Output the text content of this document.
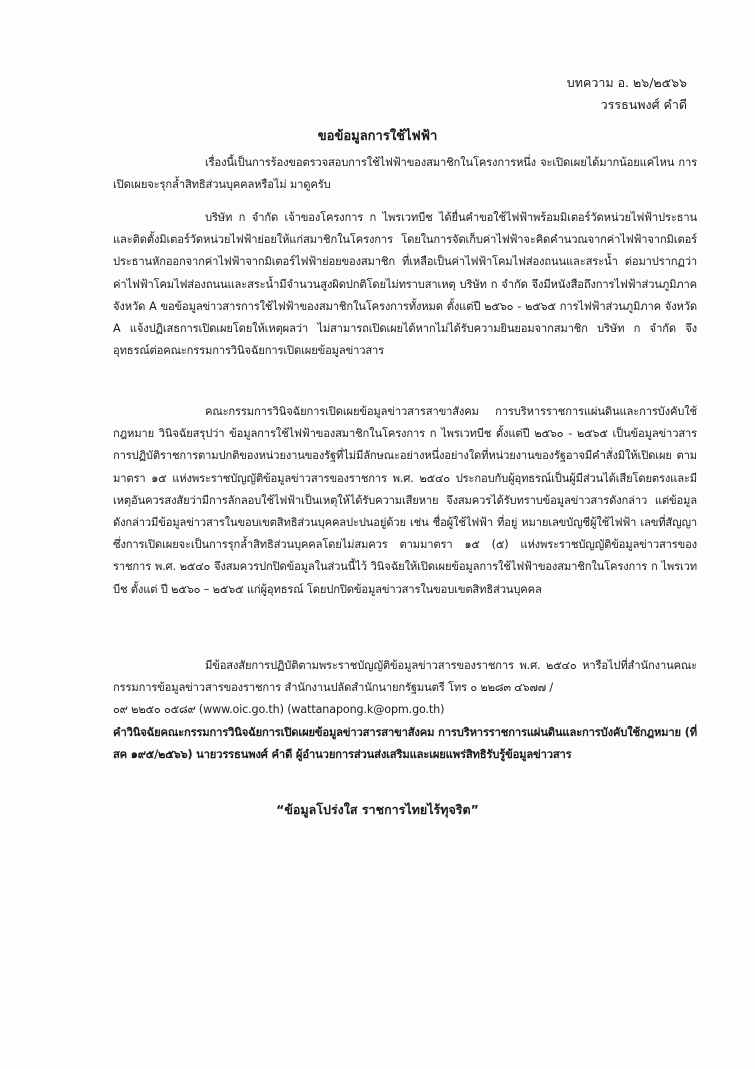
บทความ อ. ๒๖/๒๕๖๖
วรรธนพงศ์ คำดี
ขอข้อมูลการใช้ไฟฟ้า
เรื่องนี้เป็นการร้องขอตรวจสอบการใช้ไฟฟ้าของสมาชิกในโครงการหนึ่ง จะเปิดเผยได้มากน้อยแค่ไหน การเปิดเผยจะรุกล้ำสิทธิส่วนบุคคลหรือไม่ มาดูครับ
บริษัท ก จำกัด เจ้าของโครงการ ก ไพรเวทบีช ได้ยื่นคำขอใช้ไฟฟ้าพร้อมมิเตอร์วัดหน่วยไฟฟ้าประธานและติดตั้งมิเตอร์วัดหน่วยไฟฟ้าย่อยให้แก่สมาชิกในโครงการ โดยในการจัดเก็บค่าไฟฟ้าจะคิดคำนวณจากค่าไฟฟ้าจากมิเตอร์ประธานหักออกจากค่าไฟฟ้าจากมิเตอร์ไฟฟ้าย่อยของสมาชิก ที่เหลือเป็นค่าไฟฟ้าโคมไฟส่องถนนและสระน้ำ ต่อมาปรากฏว่า ค่าไฟฟ้าโคมไฟส่องถนนและสระน้ำมีจำนวนสูงผิดปกติโดยไม่ทราบสาเหตุ บริษัท ก จำกัด จึงมีหนังสือถึงการไฟฟ้าส่วนภูมิภาค จังหวัด A ขอข้อมูลข่าวสารการใช้ไฟฟ้าของสมาชิกในโครงการทั้งหมด ตั้งแต่ปี ๒๕๖๐ - ๒๕๖๕ การไฟฟ้าส่วนภูมิภาค จังหวัด A แจ้งปฏิเสธการเปิดเผยโดยให้เหตุผลว่า ไม่สามารถเปิดเผยได้หากไม่ได้รับความยินยอมจากสมาชิก บริษัท ก จำกัด จึงอุทธรณ์ต่อคณะกรรมการวินิจฉัยการเปิดเผยข้อมูลข่าวสาร
คณะกรรมการวินิจฉัยการเปิดเผยข้อมูลข่าวสารสาขาสังคม การบริหารราชการแผ่นดินและการบังคับใช้กฎหมาย วินิจฉัยสรุปว่า ข้อมูลการใช้ไฟฟ้าของสมาชิกในโครงการ ก ไพรเวทบีช ตั้งแต่ปี ๒๕๖๐ - ๒๕๖๕ เป็นข้อมูลข่าวสารการปฏิบัติราชการตามปกติของหน่วยงานของรัฐที่ไม่มีลักษณะอย่างหนึ่งอย่างใดที่หน่วยงานของรัฐอาจมีคำสั่งมิให้เปิดเผย ตามมาตรา ๑๕ แห่งพระราชบัญญัติข้อมูลข่าวสารของราชการ พ.ศ. ๒๕๔๐ ประกอบกับผู้อุทธรณ์เป็นผู้มีส่วนได้เสียโดยตรงและมีเหตุอันควรสงสัยว่ามีการลักลอบใช้ไฟฟ้าเป็นเหตุให้ได้รับความเสียหาย จึงสมควรได้รับทราบข้อมูลข่าวสารดังกล่าว แต่ข้อมูลดังกล่าวมีข้อมูลข่าวสารในขอบเขตสิทธิส่วนบุคคลปะปนอยู่ด้วย เช่น ชื่อผู้ใช้ไฟฟ้า ที่อยู่ หมายเลขบัญชีผู้ใช้ไฟฟ้า เลขที่สัญญา ซึ่งการเปิดเผยจะเป็นการรุกล้ำสิทธิส่วนบุคคลโดยไม่สมควร ตามมาตรา ๑๕ (๕) แห่งพระราชบัญญัติข้อมูลข่าวสารของราชการ พ.ศ. ๒๕๔๐ จึงสมควรปกปิดข้อมูลในส่วนนี้ไว้ วินิจฉัยให้เปิดเผยข้อมูลการใช้ไฟฟ้าของสมาชิกในโครงการ ก ไพรเวทบีช ตั้งแต่ ปี ๒๕๖๐ – ๒๕๖๕ แก่ผู้อุทธรณ์ โดยปกปิดข้อมูลข่าวสารในขอบเขตสิทธิส่วนบุคคล
มีข้อสงสัยการปฏิบัติตามพระราชบัญญัติข้อมูลข่าวสารของราชการ พ.ศ. ๒๕๔๐ หารือไปที่สำนักงานคณะกรรมการข้อมูลข่าวสารของราชการ สำนักงานปลัดสำนักนายกรัฐมนตรี โทร ๐ ๒๒๘๓ ๔๖๗๗ /
๐๙ ๒๒๕๐ ๐๕๘๙ (www.oic.go.th) (wattanapong.k@opm.go.th)
คำวินิจฉัยคณะกรรมการวินิจฉัยการเปิดเผยข้อมูลข่าวสารสาขาสังคม การบริหารราชการแผ่นดินและการบังคับใช้กฎหมาย (ที่ สค ๑๙๕/๒๕๖๖) นายวรรธนพงศ์ คำดี ผู้อำนวยการส่วนส่งเสริมและเผยแพร่สิทธิรับรู้ข้อมูลข่าวสาร
“ข้อมูลโปร่งใส ราชการไทยไร้ทุจริต”
